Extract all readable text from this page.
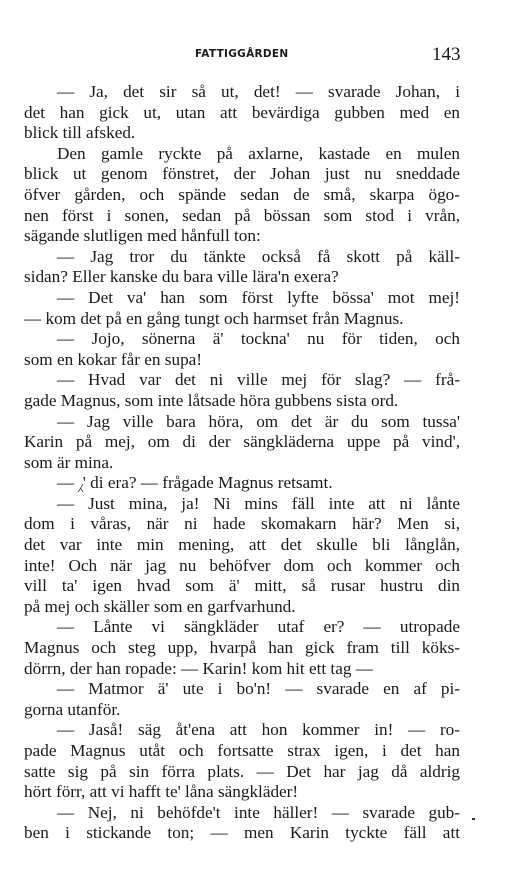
FATTIGGÅRDEN	143
— Ja, det sir så ut, det! — svarade Johan, i
det han gick ut, utan att bevärdiga gubben med en
blick till afsked.
Den gamle ryckte på axlarne, kastade en mulen
blick ut genom fönstret, der Johan just nu sneddade
öfver gården, och spände sedan de små, skarpa ögo-
nen först i sonen, sedan på bössan som stod i vrån,
sägande slutligen med hånfull ton:
— Jag tror du tänkte också få skott på käll-
sidan? Eller kanske du bara ville lära'n exera?
— Det va' han som först lyfte bössa' mot mej!
— kom det på en gång tungt och harmset från Magnus.
— Jojo, sönerna ä' tockna' nu för tiden, och
som en kokar får en supa!
— Hvad var det ni ville mej för slag? — frå-
gade Magnus, som inte låtsade höra gubbens sista ord.
— Jag ville bara höra, om det är du som tussa'
Karin på mej, om di der sängkläderna uppe på vind',
som är mina.
— ⁁' di era? — frågade Magnus retsamt.
— Just mina, ja! Ni mins fäll inte att ni lånte
dom i våras, när ni hade skomakarn här? Men si,
det var inte min mening, att det skulle bli långlån,
inte! Och när jag nu behöfver dom och kommer och
vill ta' igen hvad som ä' mitt, så rusar hustru din
på mej och skäller som en garfvarhund.
— Lånte vi sängkläder utaf er? — utropade
Magnus och steg upp, hvarpå han gick fram till köks-
dörrn, der han ropade: — Karin! kom hit ett tag —
— Matmor ä' ute i bo'n! — svarade en af pi-
gorna utanför.
— Jaså! säg åt'ena att hon kommer in! — ro-
pade Magnus utåt och fortsatte strax igen, i det han
satte sig på sin förra plats. — Det har jag då aldrig
hört förr, att vi hafft te' låna sängkläder!
— Nej, ni behöfde't inte häller! — svarade gub-
ben i stickande ton; — men Karin tyckte fäll att
